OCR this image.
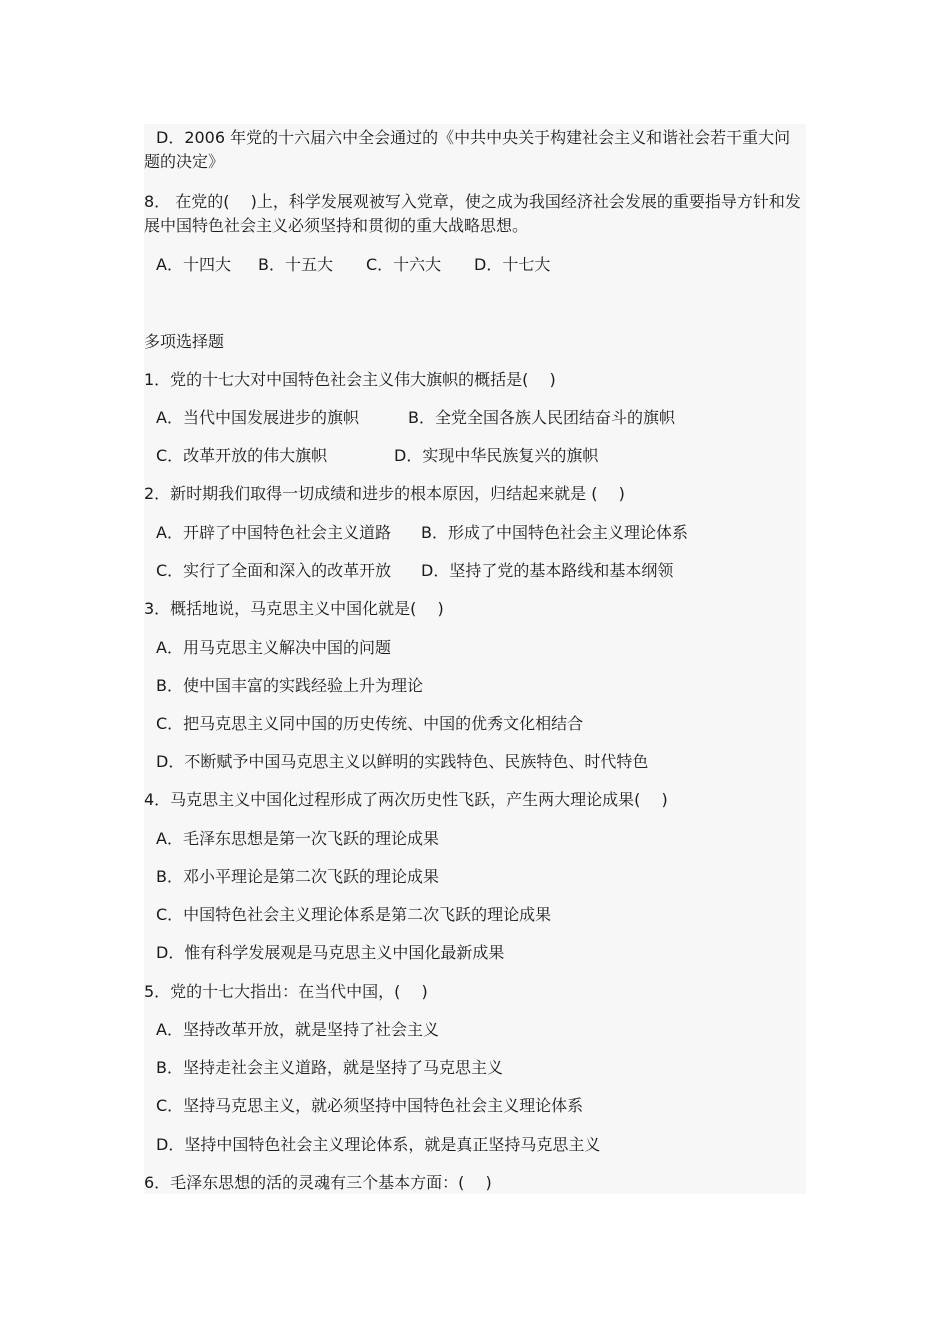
D．2006 年党的十六届六中全会通过的《中共中央关于构建社会主义和谐社会若干重大问题的决定》
8． 在党的(　 )上，科学发展观被写入党章，使之成为我国经济社会发展的重要指导方针和发展中国特色社会主义必须坚持和贯彻的重大战略思想。
A．十四大 B．十五大 C．十六大 D．十七大
多项选择题
1．党的十七大对中国特色社会主义伟大旗帜的概括是(　 )
A．当代中国发展进步的旗帜	B．全党全国各族人民团结奋斗的旗帜
C．改革开放的伟大旗帜	D．实现中华民族复兴的旗帜
2．新时期我们取得一切成绩和进步的根本原因，归结起来就是 (　 )
A．开辟了中国特色社会主义道路 B．形成了中国特色社会主义理论体系
C．实行了全面和深入的改革开放 D．坚持了党的基本路线和基本纲领
3．概括地说，马克思主义中国化就是(　 )
A．用马克思主义解决中国的问题
B．使中国丰富的实践经验上升为理论
C．把马克思主义同中国的历史传统、中国的优秀文化相结合
D．不断赋予中国马克思主义以鲜明的实践特色、民族特色、时代特色
4．马克思主义中国化过程形成了两次历史性飞跃，产生两大理论成果(　 )
A．毛泽东思想是第一次飞跃的理论成果
B．邓小平理论是第二次飞跃的理论成果
C．中国特色社会主义理论体系是第二次飞跃的理论成果
D．惟有科学发展观是马克思主义中国化最新成果
5．党的十七大指出：在当代中国，(　 )
A．坚持改革开放，就是坚持了社会主义
B．坚持走社会主义道路，就是坚持了马克思主义
C．坚持马克思主义，就必须坚持中国特色社会主义理论体系
D．坚持中国特色社会主义理论体系，就是真正坚持马克思主义
6．毛泽东思想的活的灵魂有三个基本方面：(　 )
